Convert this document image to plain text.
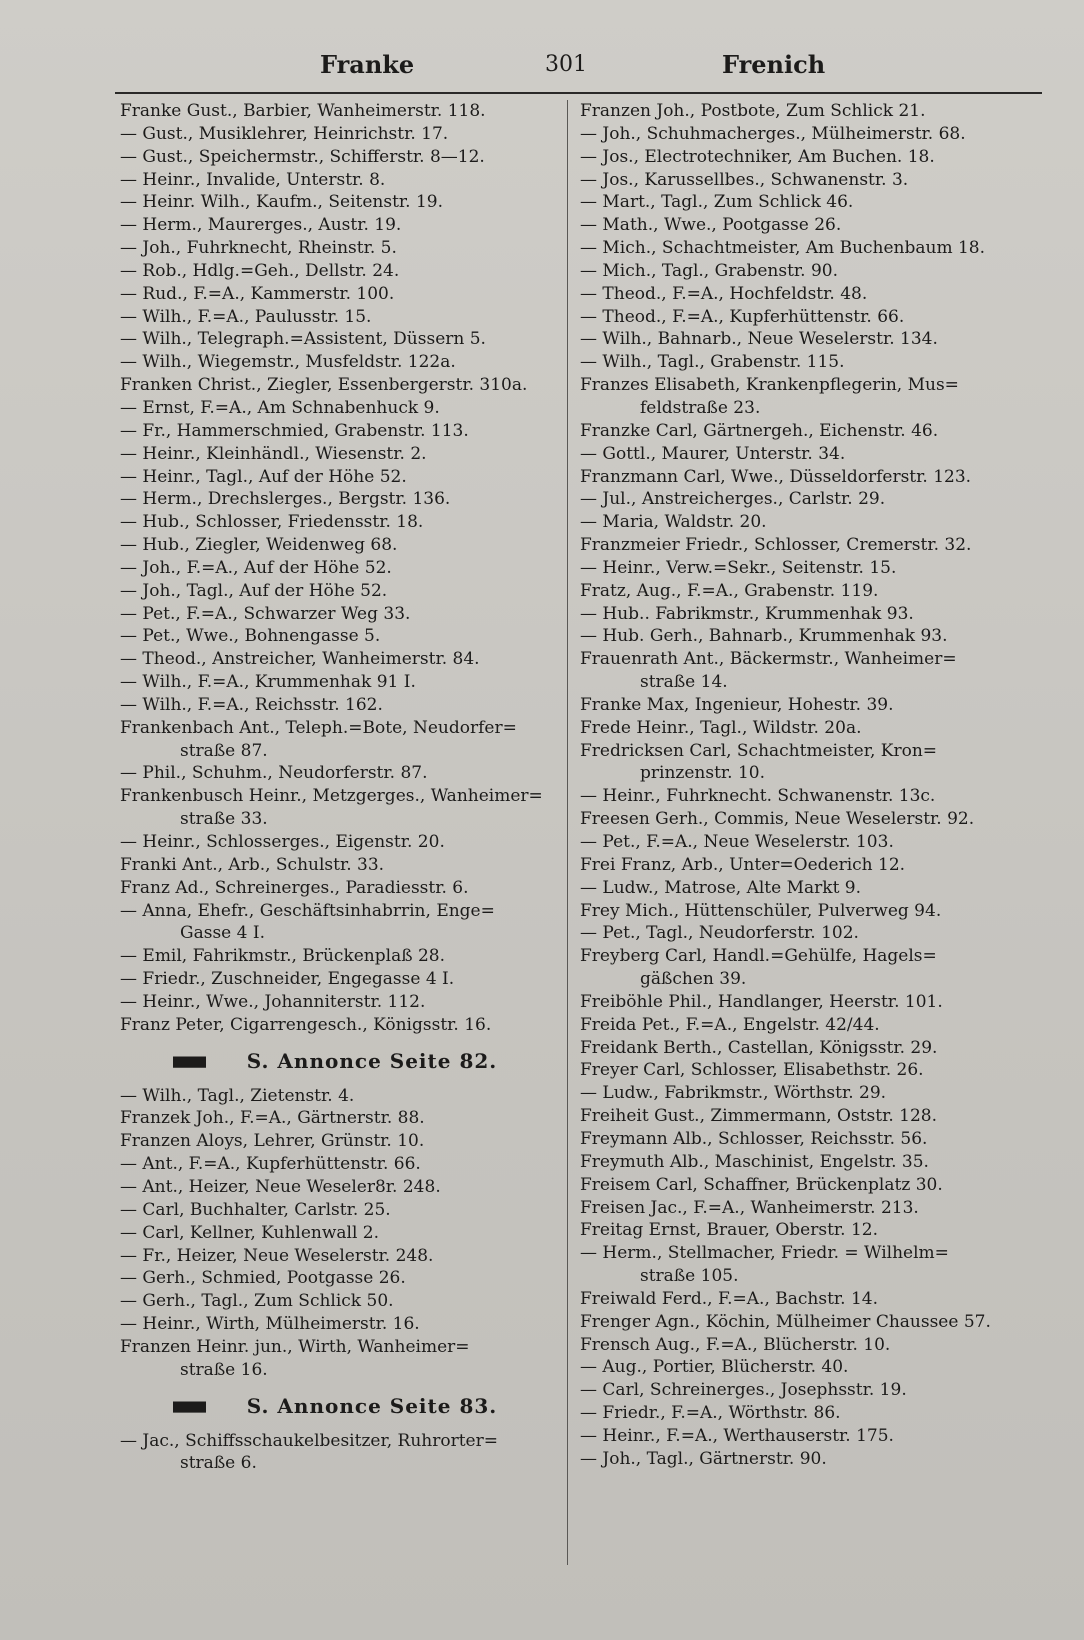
Franke	301	Frenich
Franke Gust., Barbier, Wanheimerstr. 118.
— Gust., Musiklehrer, Heinrichstr. 17.
— Gust., Speichermstr., Schifferstr. 8—12.
— Heinr., Invalide, Unterstr. 8.
— Heinr. Wilh., Kaufm., Seitenstr. 19.
— Herm., Maurerges., Austr. 19.
— Joh., Fuhrknecht, Rheinstr. 5.
— Rob., Hdlg.=Geh., Dellstr. 24.
— Rud., F.=A., Kammerstr. 100.
— Wilh., F.=A., Paulusstr. 15.
— Wilh., Telegraph.=Assistent, Düssern 5.
— Wilh., Wiegemstr., Musfeldstr. 122a.
Franken Christ., Ziegler, Essenbergerstr. 310a.
— Ernst, F.=A., Am Schnabenhuck 9.
— Fr., Hammerschmied, Grabenstr. 113.
— Heinr., Kleinhändl., Wiesenstr. 2.
— Heinr., Tagl., Auf der Höhe 52.
— Herm., Drechslerges., Bergstr. 136.
— Hub., Schlosser, Friedensstr. 18.
— Hub., Ziegler, Weidenweg 68.
— Joh., F.=A., Auf der Höhe 52.
— Joh., Tagl., Auf der Höhe 52.
— Pet., F.=A., Schwarzer Weg 33.
— Pet., Wwe., Bohnengasse 5.
— Theod., Anstreicher, Wanheimerstr. 84.
— Wilh., F.=A., Krummenhak 91 I.
— Wilh., F.=A., Reichsstr. 162.
Frankenbach Ant., Teleph.=Bote, Neudorfer=
straße 87.
— Phil., Schuhm., Neudorferstr. 87.
Frankenbusch Heinr., Metzgerges., Wanheimer=
straße 33.
— Heinr., Schlosserges., Eigenstr. 20.
Franki Ant., Arb., Schulstr. 33.
Franz Ad., Schreinerges., Paradiesstr. 6.
— Anna, Ehefr., Geschäftsinhabrrin, Enge=
Gasse 4 I.
— Emil, Fahrikmstr., Brückenplaß 28.
— Friedr., Zuschneider, Engegasse 4 I.
— Heinr., Wwe., Johanniterstr. 112.
Franz Peter, Cigarrengesch., Königsstr. 16.
S. Annonce Seite 82.
— Wilh., Tagl., Zietenstr. 4.
Franzek Joh., F.=A., Gärtnerstr. 88.
Franzen Aloys, Lehrer, Grünstr. 10.
— Ant., F.=A., Kupferhüttenstr. 66.
— Ant., Heizer, Neue Weseler8r. 248.
— Carl, Buchhalter, Carlstr. 25.
— Carl, Kellner, Kuhlenwall 2.
— Fr., Heizer, Neue Weselerstr. 248.
— Gerh., Schmied, Pootgasse 26.
— Gerh., Tagl., Zum Schlick 50.
— Heinr., Wirth, Mülheimerstr. 16.
Franzen Heinr. jun., Wirth, Wanheimer=
straße 16.
S. Annonce Seite 83.
— Jac., Schiffsschaukelbesitzer, Ruhrorter=
straße 6.
Franzen Joh., Postbote, Zum Schlick 21.
— Joh., Schuhmacherges., Mülheimerstr. 68.
— Jos., Electrotechniker, Am Buchen. 18.
— Jos., Karussellbes., Schwanenstr. 3.
— Mart., Tagl., Zum Schlick 46.
— Math., Wwe., Pootgasse 26.
— Mich., Schachtmeister, Am Buchenbaum 18.
— Mich., Tagl., Grabenstr. 90.
— Theod., F.=A., Hochfeldstr. 48.
— Theod., F.=A., Kupferhüttenstr. 66.
— Wilh., Bahnarb., Neue Weselerstr. 134.
— Wilh., Tagl., Grabenstr. 115.
Franzes Elisabeth, Krankenpflegerin, Mus=
feldstraße 23.
Franzke Carl, Gärtnergeh., Eichenstr. 46.
— Gottl., Maurer, Unterstr. 34.
Franzmann Carl, Wwe., Düsseldorferstr. 123.
— Jul., Anstreicherges., Carlstr. 29.
— Maria, Waldstr. 20.
Franzmeier Friedr., Schlosser, Cremerstr. 32.
— Heinr., Verw.=Sekr., Seitenstr. 15.
Fratz, Aug., F.=A., Grabenstr. 119.
— Hub.. Fabrikmstr., Krummenhak 93.
— Hub. Gerh., Bahnarb., Krummenhak 93.
Frauenrath Ant., Bäckermstr., Wanheimer=
straße 14.
Franke Max, Ingenieur, Hohestr. 39.
Frede Heinr., Tagl., Wildstr. 20a.
Fredricksen Carl, Schachtmeister, Kron=
prinzenstr. 10.
— Heinr., Fuhrknecht. Schwanenstr. 13c.
Freesen Gerh., Commis, Neue Weselerstr. 92.
— Pet., F.=A., Neue Weselerstr. 103.
Frei Franz, Arb., Unter=Oederich 12.
— Ludw., Matrose, Alte Markt 9.
Frey Mich., Hüttenschüler, Pulverweg 94.
— Pet., Tagl., Neudorferstr. 102.
Freyberg Carl, Handl.=Gehülfe, Hagels=
gäßchen 39.
Freiböhle Phil., Handlanger, Heerstr. 101.
Freida Pet., F.=A., Engelstr. 42/44.
Freidank Berth., Castellan, Königsstr. 29.
Freyer Carl, Schlosser, Elisabethstr. 26.
— Ludw., Fabrikmstr., Wörthstr. 29.
Freiheit Gust., Zimmermann, Oststr. 128.
Freymann Alb., Schlosser, Reichsstr. 56.
Freymuth Alb., Maschinist, Engelstr. 35.
Freisem Carl, Schaffner, Brückenplatz 30.
Freisen Jac., F.=A., Wanheimerstr. 213.
Freitag Ernst, Brauer, Oberstr. 12.
— Herm., Stellmacher, Friedr. = Wilhelm=
straße 105.
Freiwald Ferd., F.=A., Bachstr. 14.
Frenger Agn., Köchin, Mülheimer Chaussee 57.
Frensch Aug., F.=A., Blücherstr. 10.
— Aug., Portier, Blücherstr. 40.
— Carl, Schreinerges., Josephsstr. 19.
— Friedr., F.=A., Wörthstr. 86.
— Heinr., F.=A., Werthauserstr. 175.
— Joh., Tagl., Gärtnerstr. 90.
